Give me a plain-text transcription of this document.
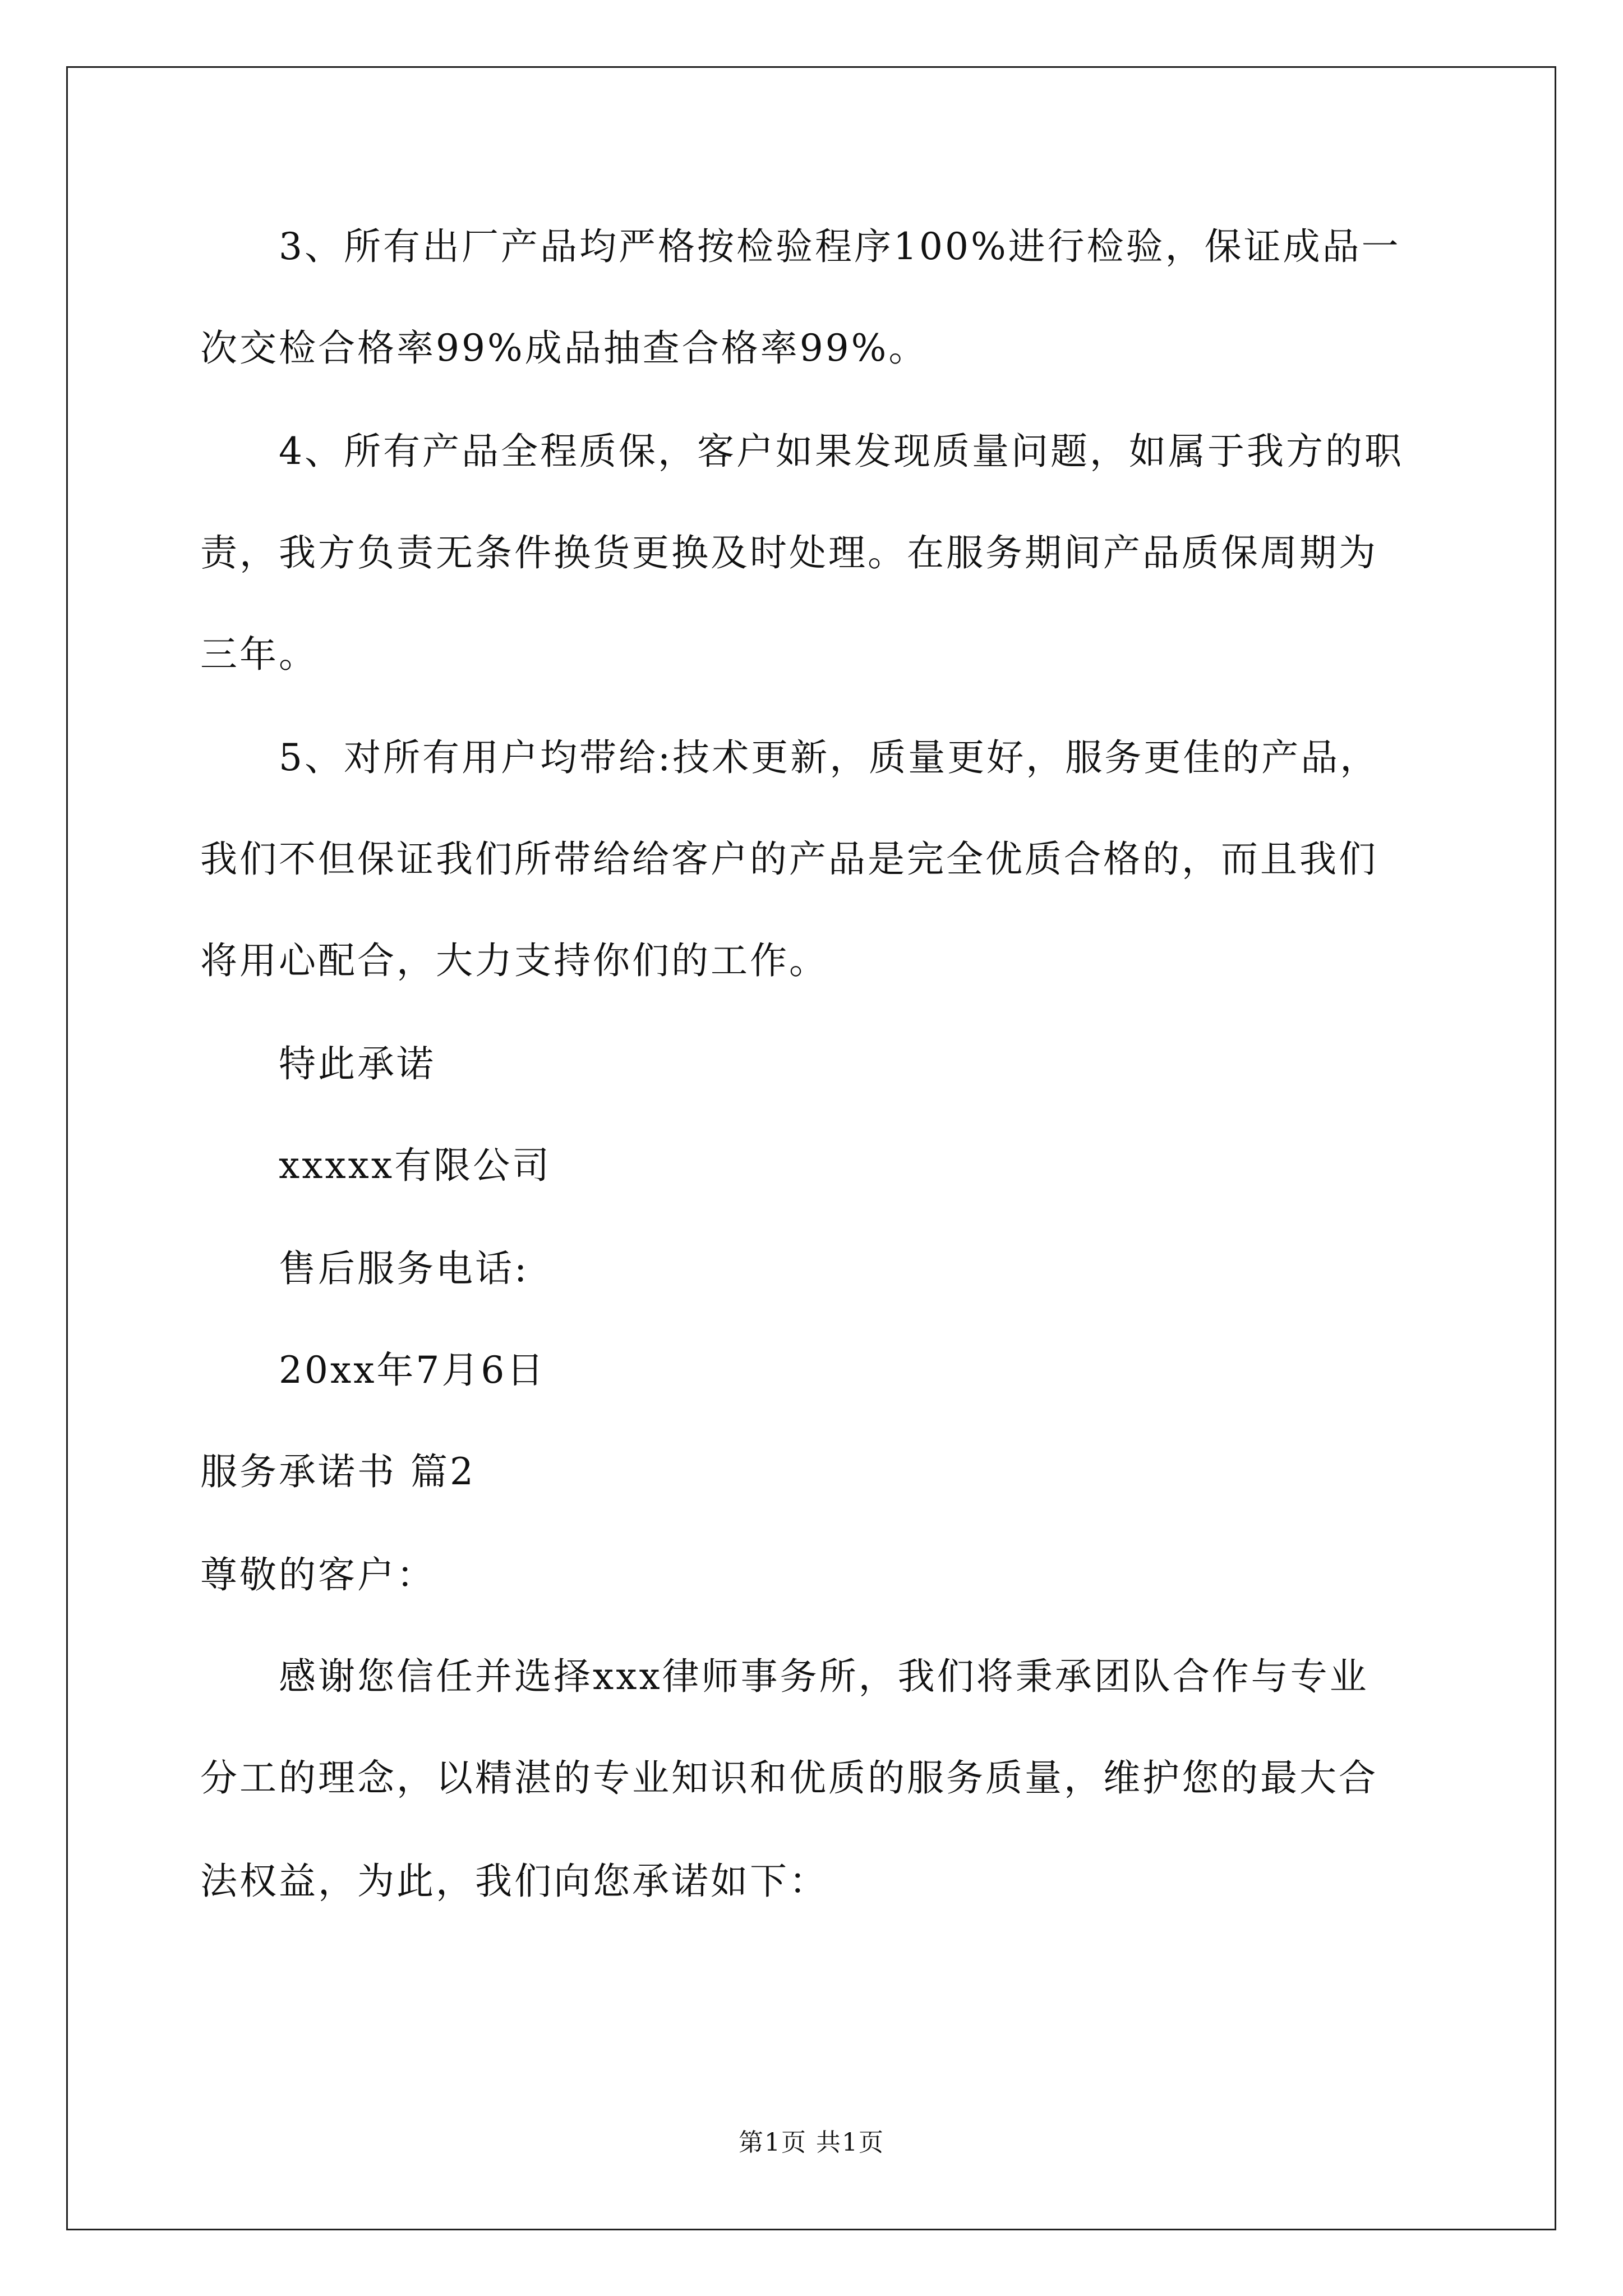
3、所有出厂产品均严格按检验程序100%进行检验，保证成品一
次交检合格率99%成品抽查合格率99%。
4、所有产品全程质保，客户如果发现质量问题，如属于我方的职
责，我方负责无条件换货更换及时处理。在服务期间产品质保周期为
三年。
5、对所有用户均带给:技术更新，质量更好，服务更佳的产品，
我们不但保证我们所带给给客户的产品是完全优质合格的，而且我们
将用心配合，大力支持你们的工作。
特此承诺
xxxxx有限公司
售后服务电话:
20xx年7月6日
服务承诺书 篇2
尊敬的客户：
感谢您信任并选择xxx律师事务所，我们将秉承团队合作与专业
分工的理念，以精湛的专业知识和优质的服务质量，维护您的最大合
法权益，为此，我们向您承诺如下：
第1页 共1页
